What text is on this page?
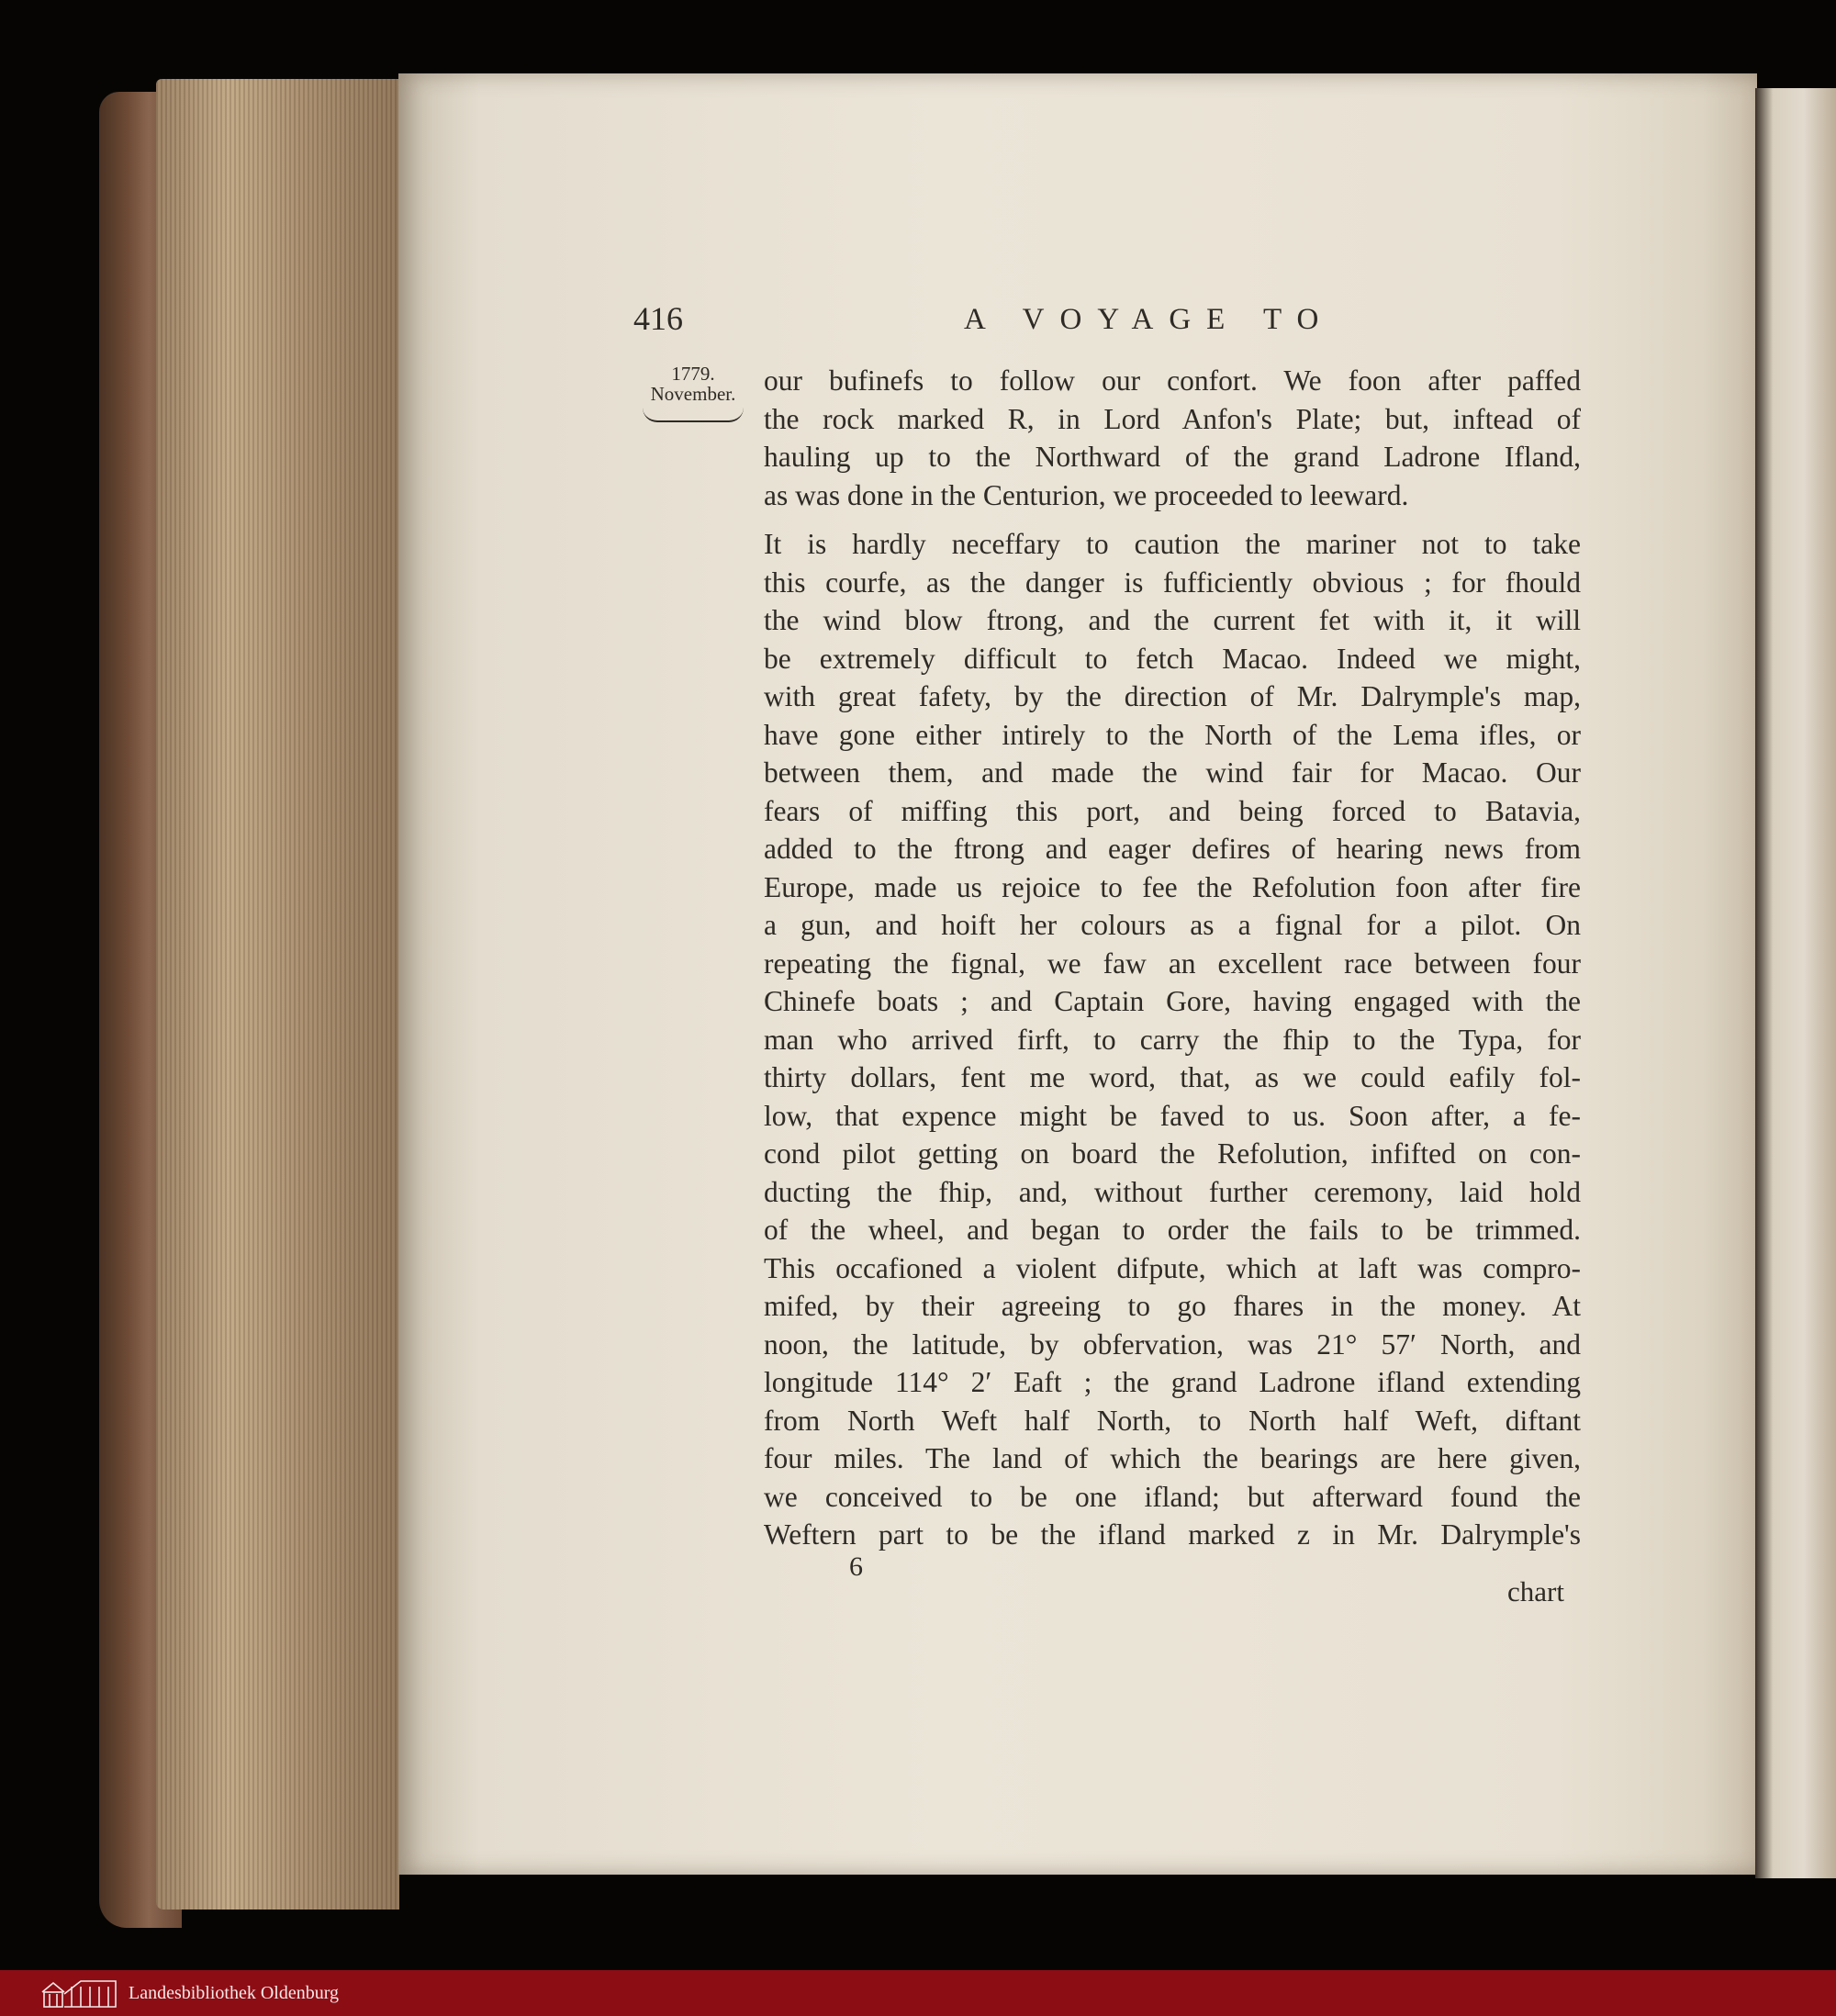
416	A VOYAGE TO
1779.
November. our bufinefs to follow our confort. We foon after paffed

the rock marked R, in Lord Anfon's Plate; but, inftead of

hauling up to the Northward of the grand Ladrone Ifland,

as was done in the Centurion, we proceeded to leeward.

It is hardly neceffary to caution the mariner not to take

this courfe, as the danger is fufficiently obvious ; for fhould

the wind blow ftrong, and the current fet with it, it will

be extremely difficult to fetch Macao. Indeed we might,

with great fafety, by the direction of Mr. Dalrymple's map,

have gone either intirely to the North of the Lema ifles, or

between them, and made the wind fair for Macao. Our

fears of miffing this port, and being forced to Batavia,

added to the ftrong and eager defires of hearing news from

Europe, made us rejoice to fee the Refolution foon after fire

a gun, and hoift her colours as a fignal for a pilot. On

repeating the fignal, we faw an excellent race between four

Chinefe boats ; and Captain Gore, having engaged with the

man who arrived firft, to carry the fhip to the Typa, for

thirty dollars, fent me word, that, as we could eafily fol-

low, that expence might be faved to us. Soon after, a fe-

cond pilot getting on board the Refolution, infifted on con-

ducting the fhip, and, without further ceremony, laid hold

of the wheel, and began to order the fails to be trimmed.

This occafioned a violent difpute, which at laft was compro-

mifed, by their agreeing to go fhares in the money. At

noon, the latitude, by obfervation, was 21° 57′ North, and

longitude 114° 2′ Eaft ; the grand Ladrone ifland extending

from North Weft half North, to North half Weft, diftant

four miles. The land of which the bearings are here given,

we conceived to be one ifland; but afterward found the

Weftern part to be the ifland marked z in Mr. Dalrymple's

6
chart
Landesbibliothek Oldenburg
